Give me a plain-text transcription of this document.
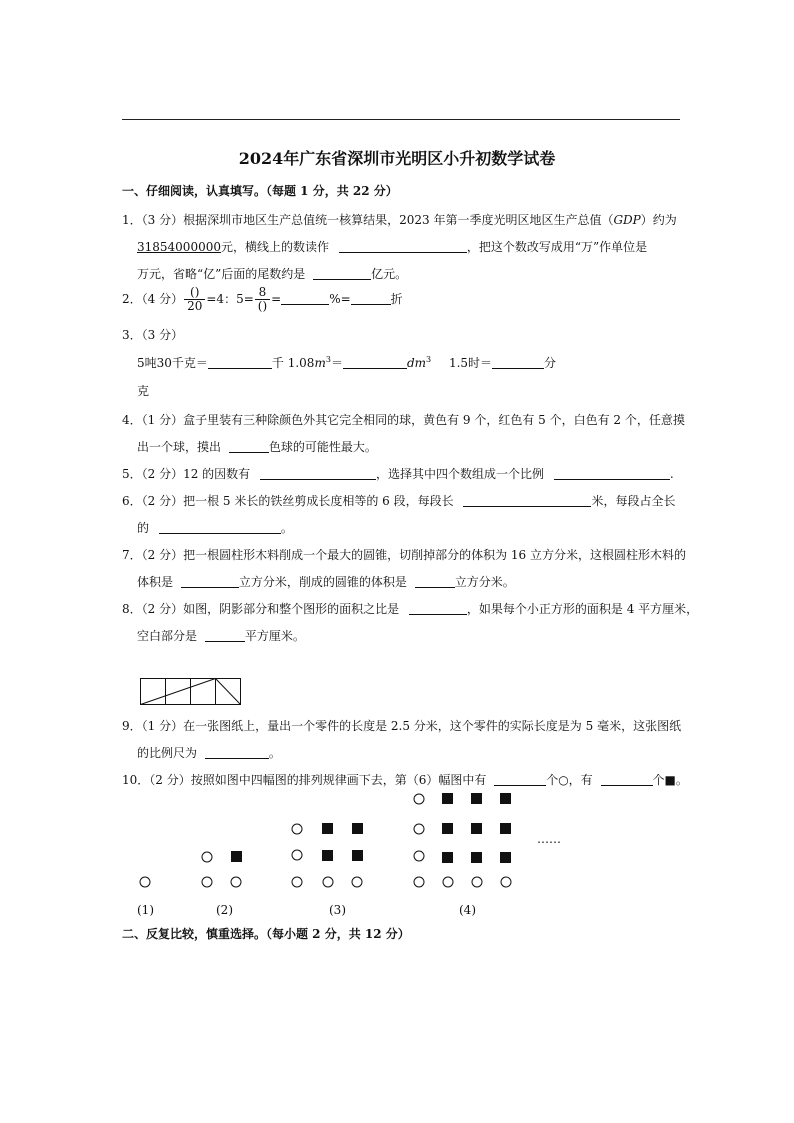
2024年广东省深圳市光明区小升初数学试卷
一、仔细阅读，认真填写。（每题 1 分，共 22 分）
1．（3 分）根据深圳市地区生产总值统一核算结果，2023 年第一季度光明区地区生产总值（GDP）约为
31854000000元，横线上的数读作	，把这个数改写成用“万”作单位是
万元，省略“亿”后面的尾数约是	亿元。
2．（4 分） $\frac{()}{20} =4$：$5= \frac{8}{()}$ =	%=	折
3．（3 分）
5吨30千克＝	千 $1.08m^3=$	$dm^3$ 1.5时＝	分
克
4．（1 分）盒子里装有三种除颜色外其它完全相同的球，黄色有 9 个，红色有 5 个，白色有 2 个，任意摸
出一个球，摸出	色球的可能性最大。
5．（2 分）12 的因数有	，选择其中四个数组成一个比例	.
6．（2 分）把一根 5 米长的铁丝剪成长度相等的 6 段，每段长	米，每段占全长
的	。
7．（2 分）把一根圆柱形木料削成一个最大的圆锥，切削掉部分的体积为 16 立方分米，这根圆柱形木料的
体积是	立方分米，削成的圆锥的体积是	立方分米。
8．（2 分）如图，阴影部分和整个图形的面积之比是	，如果每个小正方形的面积是 4 平方厘米，
空白部分是	平方厘米。
9．（1 分）在一张图纸上，量出一个零件的长度是 2.5 分米，这个零件的实际长度是为 5 毫米，这张图纸
的比例尺为	。
10．（2 分）按照如图中四幅图的排列规律画下去，第（6）幅图中有	个○，有	个■。
……
(1)	(2)	(3)	(4)
二、反复比较，慎重选择。（每小题 2 分，共 12 分）
